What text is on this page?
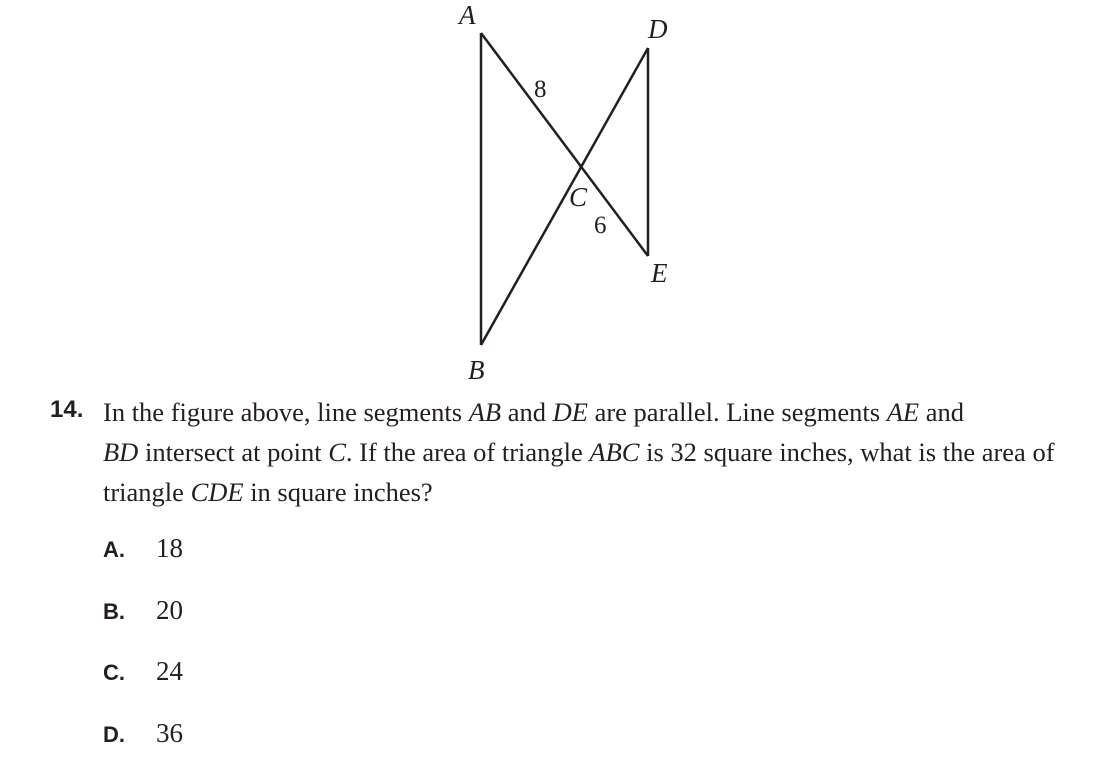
A	D
C
E
B
8
6
14. In the figure above, line segments AB and DE are parallel. Line segments AE and
BD intersect at point C. If the area of triangle ABC is 32 square inches, what is the area of triangle CDE in square inches?
A. 18
B. 20
C. 24
D. 36
